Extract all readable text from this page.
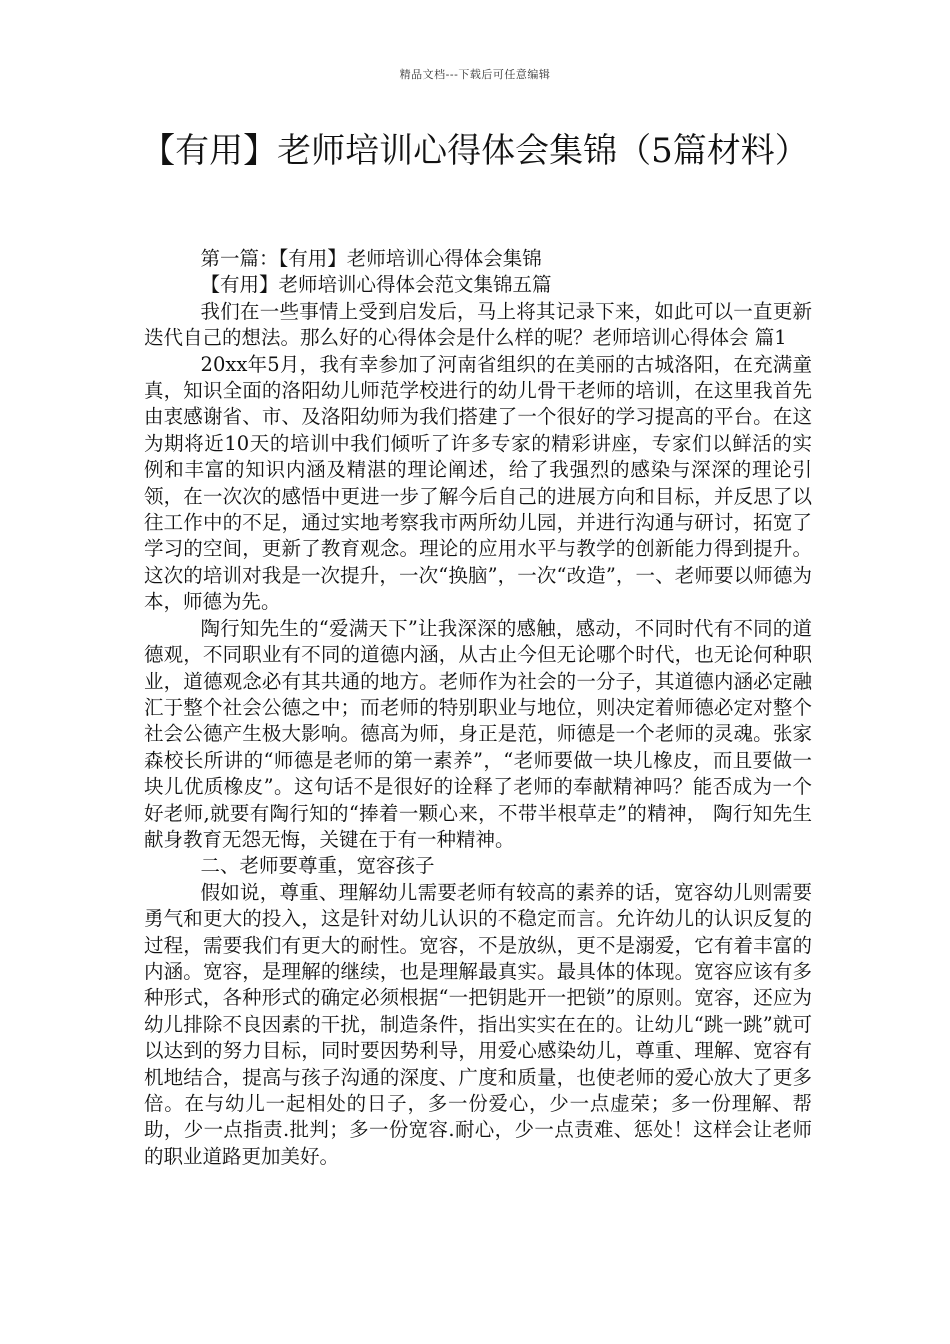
精品文档---下载后可任意编辑
【有用】老师培训心得体会集锦（5篇材料）

第一篇：【有用】老师培训心得体会集锦

【有用】老师培训心得体会范文集锦五篇

我们在一些事情上受到启发后，马上将其记录下来，如此可以一直更新迭代自己的想法。那么好的心得体会是什么样的呢？老师培训心得体会 篇1

20xx年5月，我有幸参加了河南省组织的在美丽的古城洛阳，在充满童真，知识全面的洛阳幼儿师范学校进行的幼儿骨干老师的培训，在这里我首先由衷感谢省、市、及洛阳幼师为我们搭建了一个很好的学习提高的平台。在这为期将近10天的培训中我们倾听了许多专家的精彩讲座，专家们以鲜活的实例和丰富的知识内涵及精湛的理论阐述，给了我强烈的感染与深深的理论引领，在一次次的感悟中更进一步了解今后自己的进展方向和目标，并反思了以往工作中的不足，通过实地考察我市两所幼儿园，并进行沟通与研讨，拓宽了学习的空间，更新了教育观念。理论的应用水平与教学的创新能力得到提升。这次的培训对我是一次提升，一次“换脑”，一次“改造”，一、老师要以师德为本，师德为先。

陶行知先生的“爱满天下”让我深深的感触，感动，不同时代有不同的道德观，不同职业有不同的道德内涵，从古止今但无论哪个时代，也无论何种职业，道德观念必有其共通的地方。老师作为社会的一分子，其道德内涵必定融汇于整个社会公德之中；而老师的特别职业与地位，则决定着师德必定对整个社会公德产生极大影响。德高为师，身正是范，师德是一个老师的灵魂。张家森校长所讲的“师德是老师的第一素养”，“老师要做一块儿橡皮，而且要做一块儿优质橡皮”。这句话不是很好的诠释了老师的奉献精神吗？能否成为一个好老师,就要有陶行知的“捧着一颗心来，不带半根草走”的精神， 陶行知先生献身教育无怨无悔，关键在于有一种精神。

二、老师要尊重，宽容孩子

假如说，尊重、理解幼儿需要老师有较高的素养的话，宽容幼儿则需要勇气和更大的投入，这是针对幼儿认识的不稳定而言。允许幼儿的认识反复的过程，需要我们有更大的耐性。宽容，不是放纵，更不是溺爱，它有着丰富的内涵。宽容，是理解的继续，也是理解最真实。最具体的体现。宽容应该有多种形式，各种形式的确定必须根据“一把钥匙开一把锁”的原则。宽容，还应为幼儿排除不良因素的干扰，制造条件，指出实实在在的。让幼儿“跳一跳”就可以达到的努力目标，同时要因势利导，用爱心感染幼儿，尊重、理解、宽容有机地结合，提高与孩子沟通的深度、广度和质量，也使老师的爱心放大了更多倍。在与幼儿一起相处的日子，多一份爱心，少一点虚荣；多一份理解、帮助，少一点指责.批判；多一份宽容.耐心，少一点责难、惩处！这样会让老师的职业道路更加美好。
